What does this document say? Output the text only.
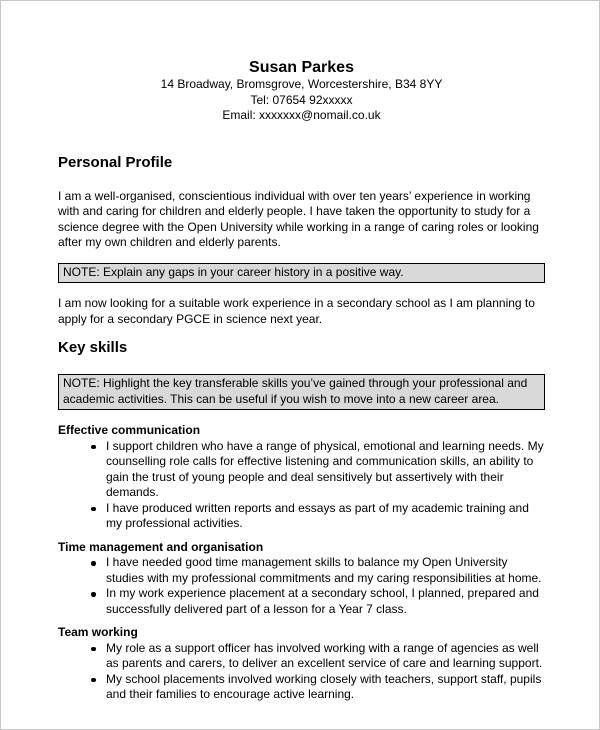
Susan Parkes
14 Broadway, Bromsgrove, Worcestershire, B34 8YY
Tel: 07654 92xxxxx
Email: xxxxxxx@nomail.co.uk
Personal Profile

I am a well-organised, conscientious individual with over ten years’ experience in working with and caring for children and elderly people. I have taken the opportunity to study for a science degree with the Open University while working in a range of caring roles or looking after my own children and elderly parents.

NOTE: Explain any gaps in your career history in a positive way.

I am now looking for a suitable work experience in a secondary school as I am planning to apply for a secondary PGCE in science next year.

Key skills
NOTE: Highlight the key transferable skills you’ve gained through your professional and academic activities. This can be useful if you wish to move into a new career area.
Effective communication
I support children who have a range of physical, emotional and learning needs. My counselling role calls for effective listening and communication skills, an ability to gain the trust of young people and deal sensitively but assertively with their demands.
I have produced written reports and essays as part of my academic training and my professional activities.
Time management and organisation
I have needed good time management skills to balance my Open University studies with my professional commitments and my caring responsibilities at home.
In my work experience placement at a secondary school, I planned, prepared and successfully delivered part of a lesson for a Year 7 class.
Team working
My role as a support officer has involved working with a range of agencies as well as parents and carers, to deliver an excellent service of care and learning support.
My school placements involved working closely with teachers, support staff, pupils and their families to encourage active learning.
